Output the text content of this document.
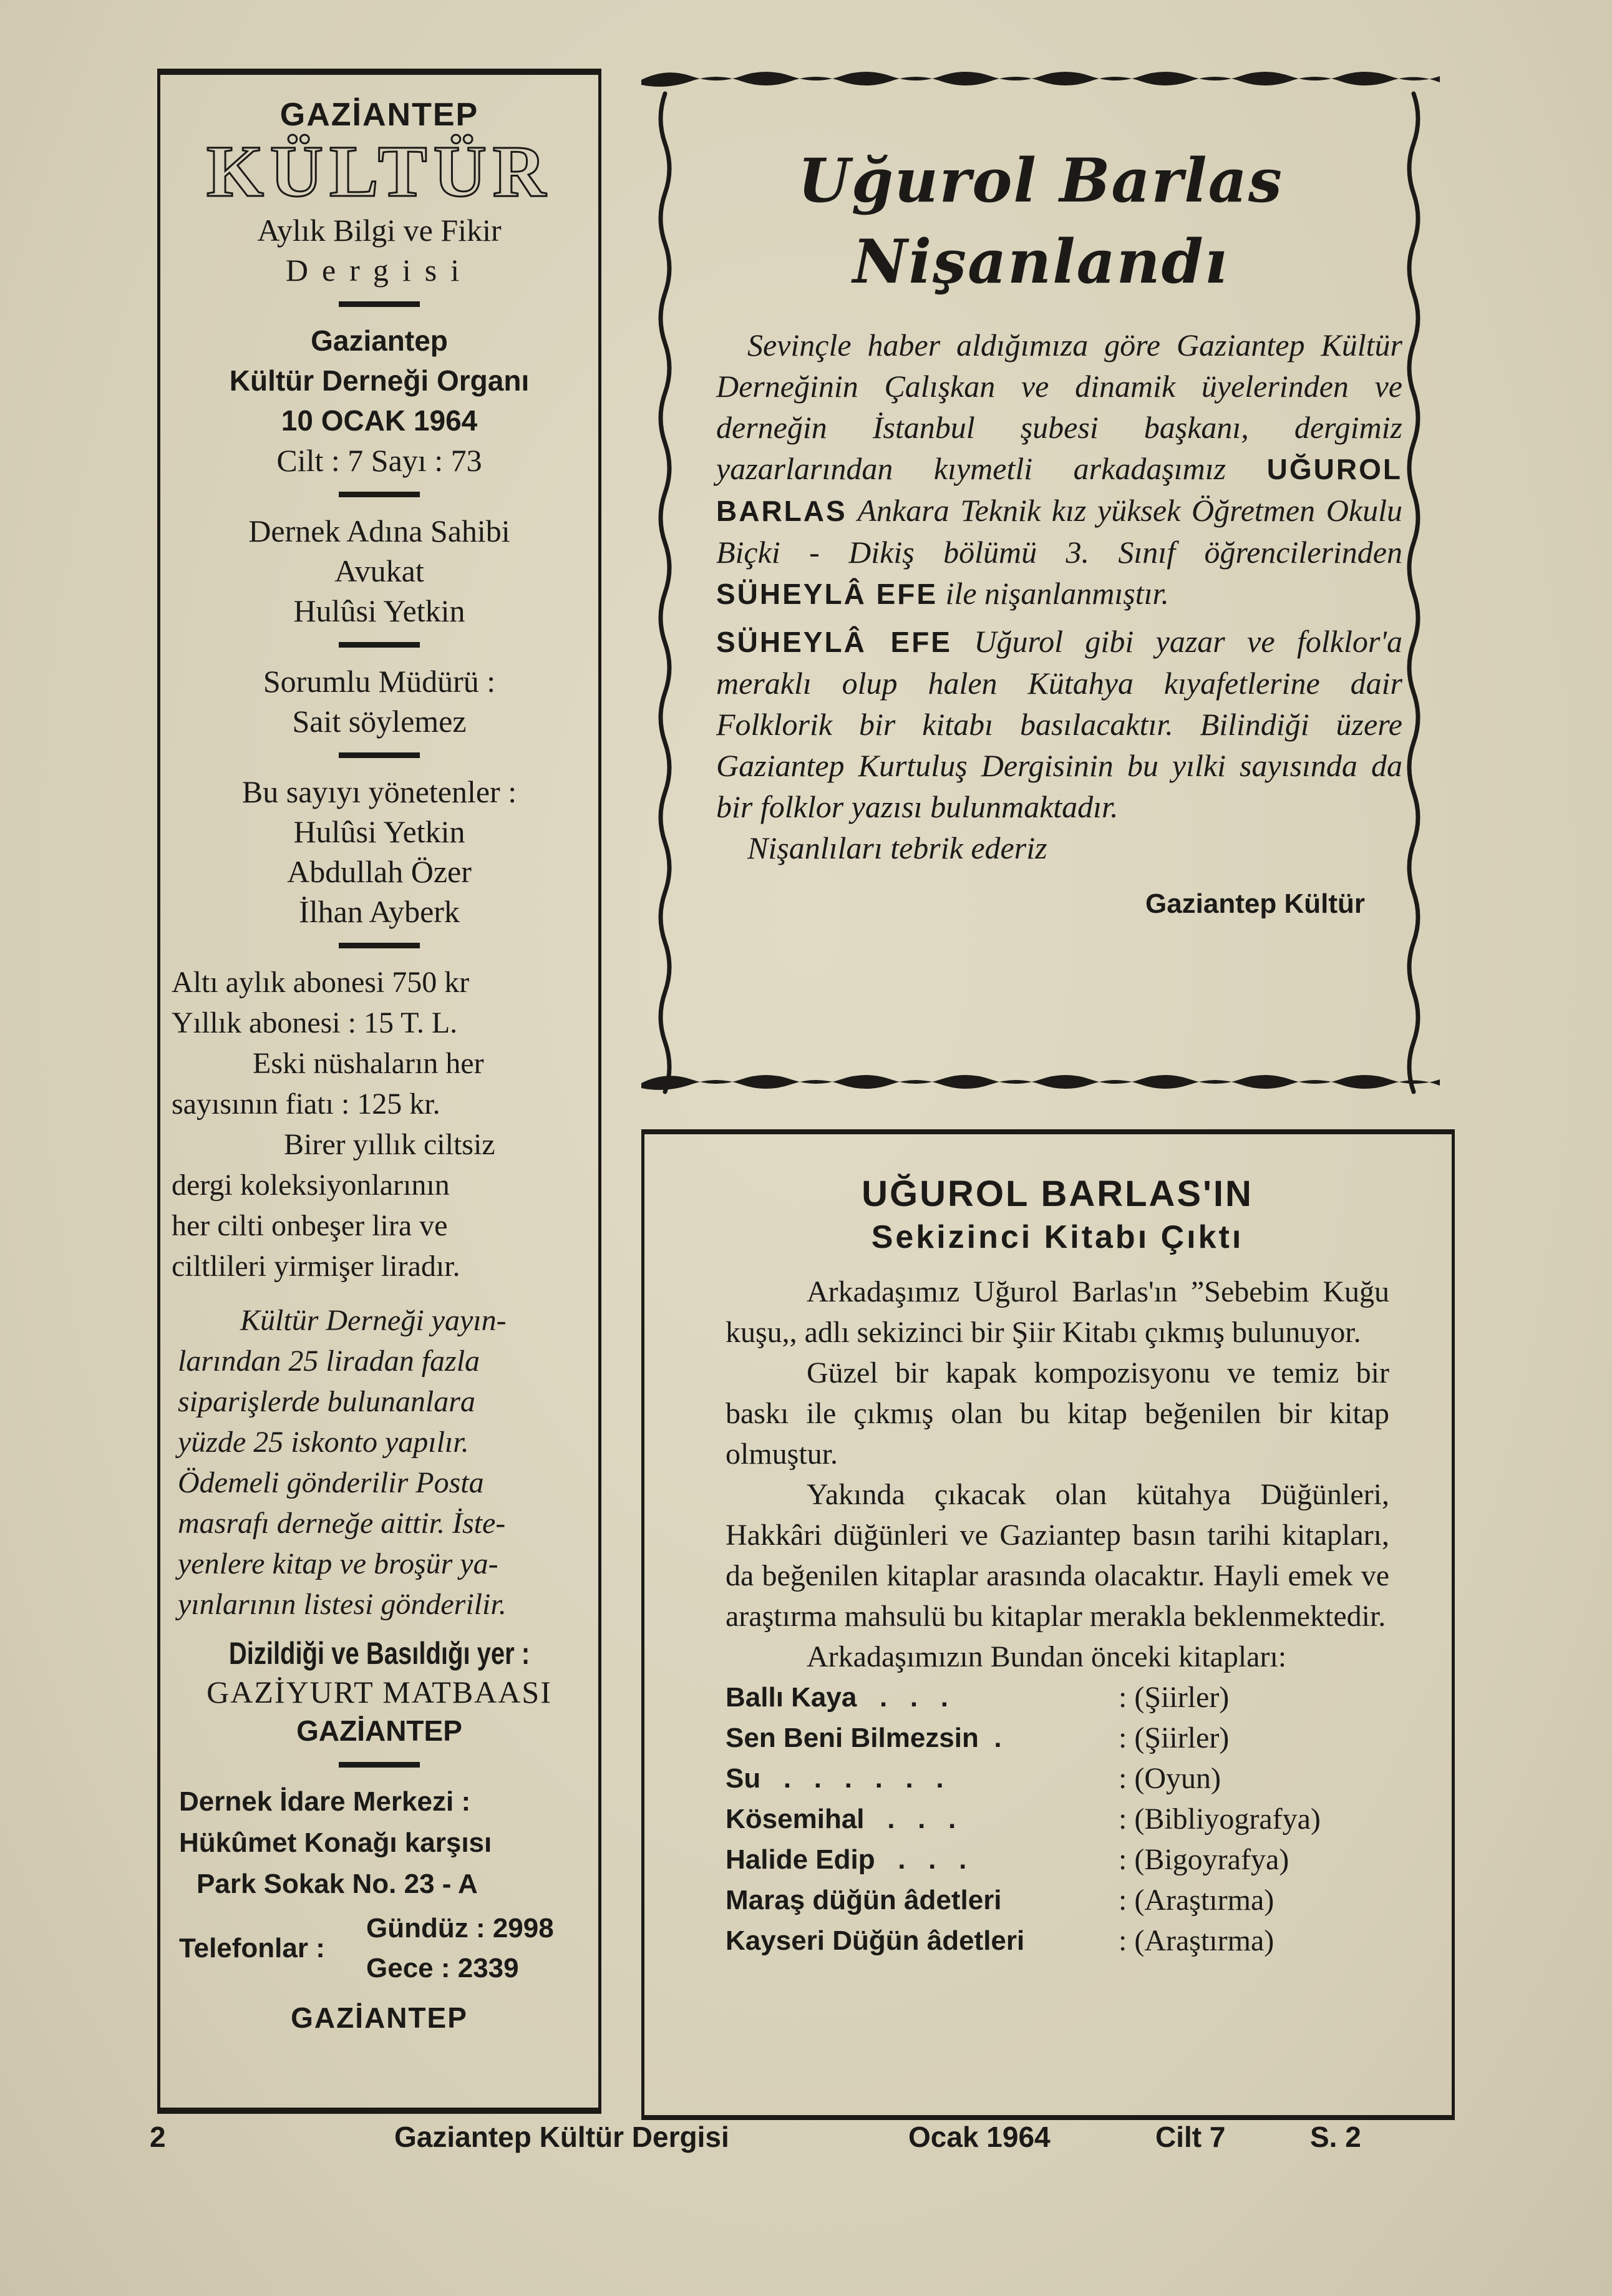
GAZİANTEP
KÜLTÜR
Aylık Bilgi ve Fikir
Dergisi
Gaziantep
Kültür Derneği Organı
10 OCAK 1964
Cilt : 7 Sayı : 73
Dernek Adına Sahibi
Avukat
Hulûsi Yetkin
Sorumlu Müdürü :
Sait söylemez
Bu sayıyı yönetenler :
Hulûsi Yetkin
Abdullah Özer
İlhan Ayberk
Altı aylık abonesi 750 kr
Yıllık abonesi : 15 T. L.
Eski nüshaların her
sayısının fiatı : 125 kr.
Birer yıllık ciltsiz
dergi koleksiyonlarının
her cilti onbeşer lira ve
ciltlileri yirmişer liradır.
Kültür Derneği yayın-
larından 25 liradan fazla
siparişlerde bulunanlara
yüzde 25 iskonto yapılır.
Ödemeli gönderilir Posta
masrafı derneğe aittir. İste-
yenlere kitap ve broşür ya-
yınlarının listesi gönderilir.
Dizildiği ve Basıldığı yer :
GAZİYURT MATBAASI
GAZİANTEP
Dernek İdare Merkezi :
Hükûmet Konağı karşısı
Park Sokak No. 23 - A
Telefonlar :
Gündüz : 2998
Gece : 2339
GAZİANTEP
Uğurol Barlas
Nişanlandı

Sevinçle haber aldığımıza göre Gaziantep Kültür Derneğinin Çalışkan ve dinamik üyelerinden ve derneğin İstanbul şubesi başkanı, dergimiz yazarlarından kıymetli arkadaşımız UĞUROL BARLAS Ankara Teknik kız yüksek Öğretmen Okulu Biçki - Dikiş bölümü 3. Sınıf öğrencilerinden SÜHEYLÂ EFE ile nişanlanmıştır.

SÜHEYLÂ EFE Uğurol gibi yazar ve folklor'a meraklı olup halen Kütahya kıyafetlerine dair Folklorik bir kitabı basılacaktır. Bilindiği üzere Gaziantep Kurtuluş Dergisinin bu yılki sayısında da bir folklor yazısı bulunmaktadır.

Nişanlıları tebrik ederiz

Gaziantep Kültür
UĞUROL BARLAS'IN
Sekizinci Kitabı Çıktı

Arkadaşımız Uğurol Barlas'ın ”Sebebim Kuğu kuşu,, adlı sekizinci bir Şiir Kitabı çıkmış bulunuyor.

Güzel bir kapak kompozisyonu ve temiz bir baskı ile çıkmış olan bu kitap beğenilen bir kitap olmuştur.

Yakında çıkacak olan kütahya Düğünleri, Hakkâri düğünleri ve Gaziantep basın tarihi kitapları, da beğenilen kitaplar arasında olacaktır. Hayli emek ve araştırma mahsulü bu kitaplar merakla beklenmektedir.

Arkadaşımızın Bundan önceki kitapları:

Ballı Kaya   .   .   .	: (Şiirler)
Sen Beni Bilmezsin  .	: (Şiirler)
Su   .   .   .   .   .   .	: (Oyun)
Kösemihal   .   .   .	: (Bibliyografya)
Halide Edip   .   .   .	: (Bigoyrafya)
Maraş düğün âdetleri	: (Araştırma)
Kayseri Düğün âdetleri	: (Araştırma)
2	Gaziantep Kültür Dergisi	Ocak 1964	Cilt 7	S. 2
